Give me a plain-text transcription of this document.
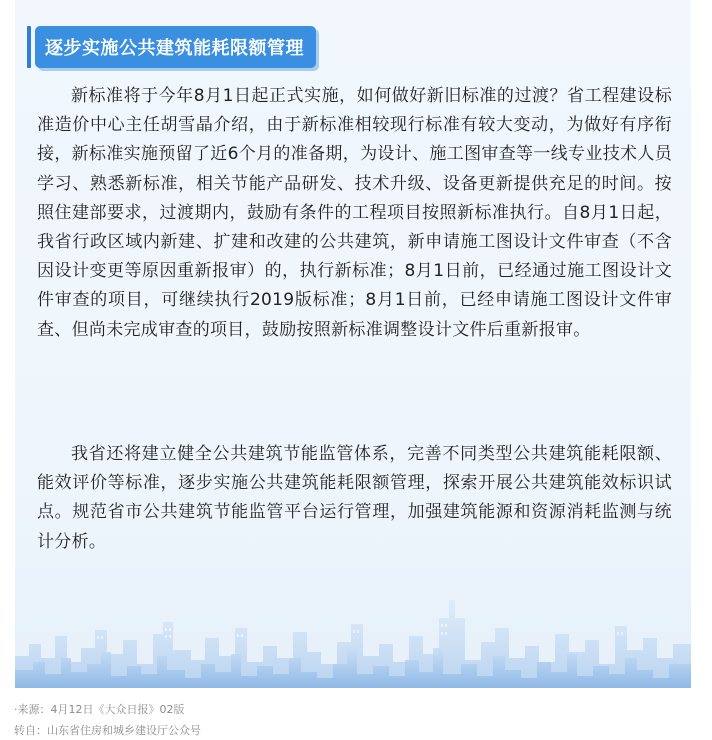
逐步实施公共建筑能耗限额管理

新标准将于今年8月1日起正式实施，如何做好新旧标准的过渡？省工程建设标准造价中心主任胡雪晶介绍，由于新标准相较现行标准有较大变动，为做好有序衔接，新标准实施预留了近6个月的准备期，为设计、施工图审查等一线专业技术人员学习、熟悉新标准，相关节能产品研发、技术升级、设备更新提供充足的时间。按照住建部要求，过渡期内，鼓励有条件的工程项目按照新标准执行。自8月1日起，我省行政区域内新建、扩建和改建的公共建筑，新申请施工图设计文件审查（不含因设计变更等原因重新报审）的，执行新标准；8月1日前，已经通过施工图设计文件审查的项目，可继续执行2019版标准；8月1日前，已经申请施工图设计文件审查、但尚未完成审查的项目，鼓励按照新标准调整设计文件后重新报审。

我省还将建立健全公共建筑节能监管体系，完善不同类型公共建筑能耗限额、能效评价等标准，逐步实施公共建筑能耗限额管理，探索开展公共建筑能效标识试点。规范省市公共建筑节能监管平台运行管理，加强建筑能源和资源消耗监测与统计分析。

·来源：4月12日《大众日报》02版
转自：山东省住房和城乡建设厅公众号
